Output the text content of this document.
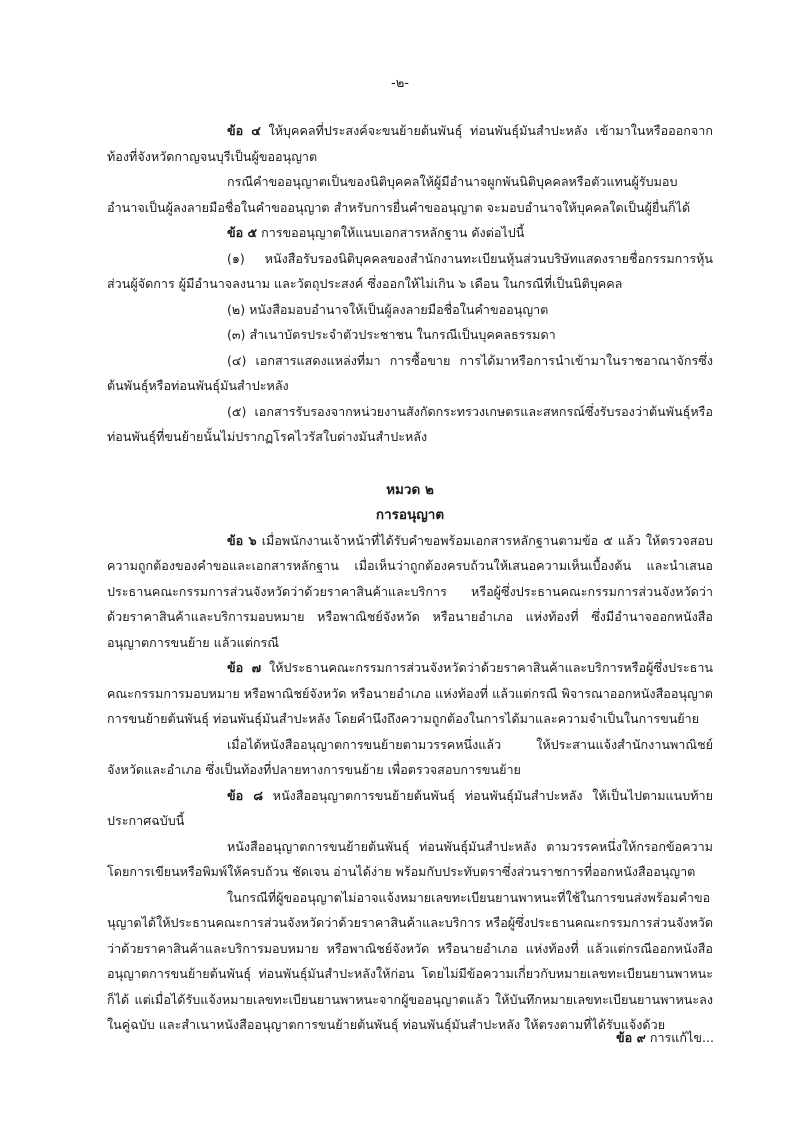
-๒-

ข้อ ๔ ให้บุคคลที่ประสงค์จะขนย้ายต้นพันธุ์ ท่อนพันธุ์มันสำปะหลัง เข้ามาในหรือออกจากท้องที่จังหวัดกาญจนบุรีเป็นผู้ขออนุญาต

กรณีคำขออนุญาตเป็นของนิติบุคคลให้ผู้มีอำนาจผูกพันนิติบุคคลหรือตัวแทนผู้รับมอบอำนาจเป็นผู้ลงลายมือชื่อในคำขออนุญาต สำหรับการยื่นคำขออนุญาต จะมอบอำนาจให้บุคคลใดเป็นผู้ยื่นก็ได้

ข้อ ๕ การขออนุญาตให้แนบเอกสารหลักฐาน ดังต่อไปนี้

(๑) หนังสือรับรองนิติบุคคลของสำนักงานทะเบียนหุ้นส่วนบริษัทแสดงรายชื่อกรรมการหุ้นส่วนผู้จัดการ ผู้มีอำนาจลงนาม และวัตถุประสงค์ ซึ่งออกให้ไม่เกิน ๖ เดือน ในกรณีที่เป็นนิติบุคคล

(๒) หนังสือมอบอำนาจให้เป็นผู้ลงลายมือชื่อในคำขออนุญาต

(๓) สำเนาบัตรประจำตัวประชาชน ในกรณีเป็นบุคคลธรรมดา

(๔) เอกสารแสดงแหล่งที่มา การซื้อขาย การได้มาหรือการนำเข้ามาในราชอาณาจักรซึ่งต้นพันธุ์หรือท่อนพันธุ์มันสำปะหลัง

(๕) เอกสารรับรองจากหน่วยงานสังกัดกระทรวงเกษตรและสหกรณ์ซึ่งรับรองว่าต้นพันธุ์หรือท่อนพันธุ์ที่ขนย้ายนั้นไม่ปรากฏโรคไวรัสใบด่างมันสำปะหลัง

หมวด ๒

การอนุญาต

ข้อ ๖ เมื่อพนักงานเจ้าหน้าที่ได้รับคำขอพร้อมเอกสารหลักฐานตามข้อ ๕ แล้ว ให้ตรวจสอบความถูกต้องของคำขอและเอกสารหลักฐาน เมื่อเห็นว่าถูกต้องครบถ้วนให้เสนอความเห็นเบื้องต้น และนำเสนอประธานคณะกรรมการส่วนจังหวัดว่าด้วยราคาสินค้าและบริการ หรือผู้ซึ่งประธานคณะกรรมการส่วนจังหวัดว่าด้วยราคาสินค้าและบริการมอบหมาย หรือพาณิชย์จังหวัด หรือนายอำเภอ แห่งท้องที่ ซึ่งมีอำนาจออกหนังสืออนุญาตการขนย้าย แล้วแต่กรณี

ข้อ ๗ ให้ประธานคณะกรรมการส่วนจังหวัดว่าด้วยราคาสินค้าและบริการหรือผู้ซึ่งประธานคณะกรรมการมอบหมาย หรือพาณิชย์จังหวัด หรือนายอำเภอ แห่งท้องที่ แล้วแต่กรณี พิจารณาออกหนังสืออนุญาตการขนย้ายต้นพันธุ์ ท่อนพันธุ์มันสำปะหลัง โดยคำนึงถึงความถูกต้องในการได้มาและความจำเป็นในการขนย้าย

เมื่อได้หนังสืออนุญาตการขนย้ายตามวรรคหนึ่งแล้ว ให้ประสานแจ้งสำนักงานพาณิชย์จังหวัดและอำเภอ ซึ่งเป็นท้องที่ปลายทางการขนย้าย เพื่อตรวจสอบการขนย้าย

ข้อ ๘ หนังสืออนุญาตการขนย้ายต้นพันธุ์ ท่อนพันธุ์มันสำปะหลัง ให้เป็นไปตามแนบท้ายประกาศฉบับนี้

หนังสืออนุญาตการขนย้ายต้นพันธุ์ ท่อนพันธุ์มันสำปะหลัง ตามวรรคหนึ่งให้กรอกข้อความโดยการเขียนหรือพิมพ์ให้ครบถ้วน ชัดเจน อ่านได้ง่าย พร้อมกับประทับตราซึ่งส่วนราชการที่ออกหนังสืออนุญาต

ในกรณีที่ผู้ขออนุญาตไม่อาจแจ้งหมายเลขทะเบียนยานพาหนะที่ใช้ในการขนส่งพร้อมคำขอนุญาตได้ให้ประธานคณะการส่วนจังหวัดว่าด้วยราคาสินค้าและบริการ หรือผู้ซึ่งประธานคณะกรรมการส่วนจังหวัดว่าด้วยราคาสินค้าและบริการมอบหมาย หรือพาณิชย์จังหวัด หรือนายอำเภอ แห่งท้องที่ แล้วแต่กรณีออกหนังสืออนุญาตการขนย้ายต้นพันธุ์ ท่อนพันธุ์มันสำปะหลังให้ก่อน โดยไม่มีข้อความเกี่ยวกับหมายเลขทะเบียนยานพาหนะก็ได้ แต่เมื่อได้รับแจ้งหมายเลขทะเบียนยานพาหนะจากผู้ขออนุญาตแล้ว ให้บันทึกหมายเลขทะเบียนยานพาหนะลงในคู่ฉบับ และสำเนาหนังสืออนุญาตการขนย้ายต้นพันธุ์ ท่อนพันธุ์มันสำปะหลัง ให้ตรงตามที่ได้รับแจ้งด้วย

ข้อ ๙ การแก้ไข...
